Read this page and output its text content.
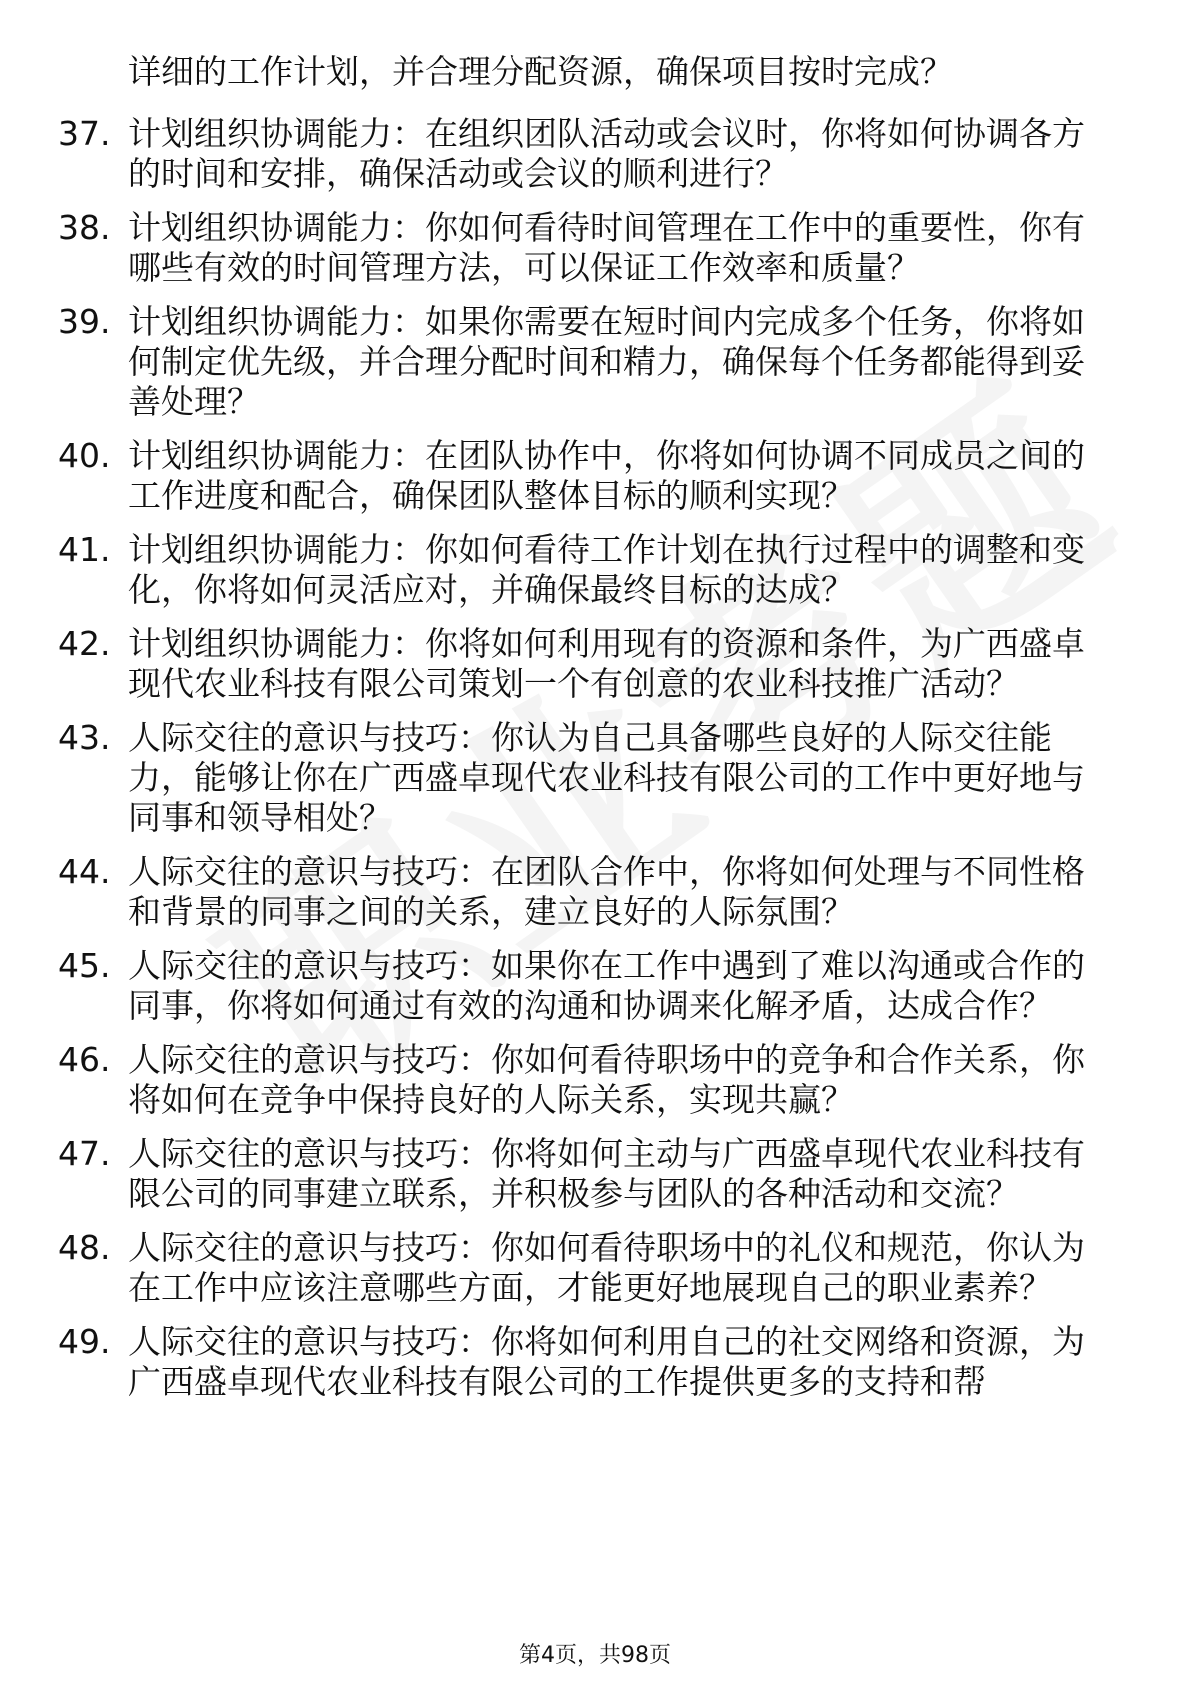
详细的工作计划，并合理分配资源，确保项目按时完成？

37. 计划组织协调能力：在组织团队活动或会议时，你将如何协调各方的时间和安排，确保活动或会议的顺利进行？
38. 计划组织协调能力：你如何看待时间管理在工作中的重要性，你有哪些有效的时间管理方法，可以保证工作效率和质量？
39. 计划组织协调能力：如果你需要在短时间内完成多个任务，你将如何制定优先级，并合理分配时间和精力，确保每个任务都能得到妥善处理？
40. 计划组织协调能力：在团队协作中，你将如何协调不同成员之间的工作进度和配合，确保团队整体目标的顺利实现？
41. 计划组织协调能力：你如何看待工作计划在执行过程中的调整和变化，你将如何灵活应对，并确保最终目标的达成？
42. 计划组织协调能力：你将如何利用现有的资源和条件，为广西盛卓现代农业科技有限公司策划一个有创意的农业科技推广活动？
43. 人际交往的意识与技巧：你认为自己具备哪些良好的人际交往能力，能够让你在广西盛卓现代农业科技有限公司的工作中更好地与同事和领导相处？
44. 人际交往的意识与技巧：在团队合作中，你将如何处理与不同性格和背景的同事之间的关系，建立良好的人际氛围？
45. 人际交往的意识与技巧：如果你在工作中遇到了难以沟通或合作的同事，你将如何通过有效的沟通和协调来化解矛盾，达成合作？
46. 人际交往的意识与技巧：你如何看待职场中的竞争和合作关系，你将如何在竞争中保持良好的人际关系，实现共赢？
47. 人际交往的意识与技巧：你将如何主动与广西盛卓现代农业科技有限公司的同事建立联系，并积极参与团队的各种活动和交流？
48. 人际交往的意识与技巧：你如何看待职场中的礼仪和规范，你认为在工作中应该注意哪些方面，才能更好地展现自己的职业素养？
49. 人际交往的意识与技巧：你将如何利用自己的社交网络和资源，为广西盛卓现代农业科技有限公司的工作提供更多的支持和帮
第4页，共98页
